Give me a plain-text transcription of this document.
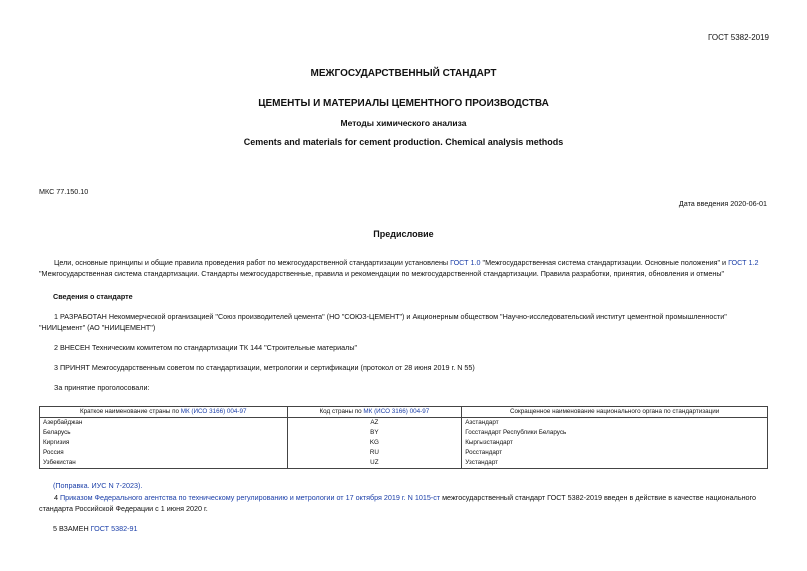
ГОСТ 5382-2019
МЕЖГОСУДАРСТВЕННЫЙ СТАНДАРТ
ЦЕМЕНТЫ И МАТЕРИАЛЫ ЦЕМЕНТНОГО ПРОИЗВОДСТВА
Методы химического анализа
Cements and materials for cement production. Chemical analysis methods
МКС 77.150.10
Дата введения 2020-06-01
Предисловие
Цели, основные принципы и общие правила проведения работ по межгосударственной стандартизации установлены ГОСТ 1.0 "Межгосударственная система стандартизации. Основные положения" и ГОСТ 1.2
"Межгосударственная система стандартизации. Стандарты межгосударственные, правила и рекомендации по межгосударственной стандартизации. Правила разработки, принятия, обновления и отмены"
Сведения о стандарте
1 РАЗРАБОТАН Некоммерческой организацией "Союз производителей цемента" (НО "СОЮЗ-ЦЕМЕНТ") и Акционерным обществом "Научно-исследовательский институт цементной промышленности"
"НИИЦемент" (АО "НИИЦЕМЕНТ")
2 ВНЕСЕН Техническим комитетом по стандартизации ТК 144 "Строительные материалы"
3 ПРИНЯТ Межгосударственным советом по стандартизации, метрологии и сертификации (протокол от 28 июня 2019 г. N 55)
За принятие проголосовали:
Краткое наименование страны по МК (ИСО 3166) 004-97	Код страны по МК (ИСО 3166) 004-97	Сокращенное наименование национального органа по стандартизации
Азербайджан	AZ	Азстандарт
Беларусь	BY	Госстандарт Республики Беларусь
Киргизия	KG	Кыргызстандарт
Россия	RU	Росстандарт
Узбекистан	UZ	Узстандарт
(Поправка. ИУС N 7-2023).
4 Приказом Федерального агентства по техническому регулированию и метрологии от 17 октября 2019 г. N 1015-ст межгосударственный стандарт ГОСТ 5382-2019 введен в действие в качестве национального
стандарта Российской Федерации с 1 июня 2020 г.
5 ВЗАМЕН ГОСТ 5382-91
